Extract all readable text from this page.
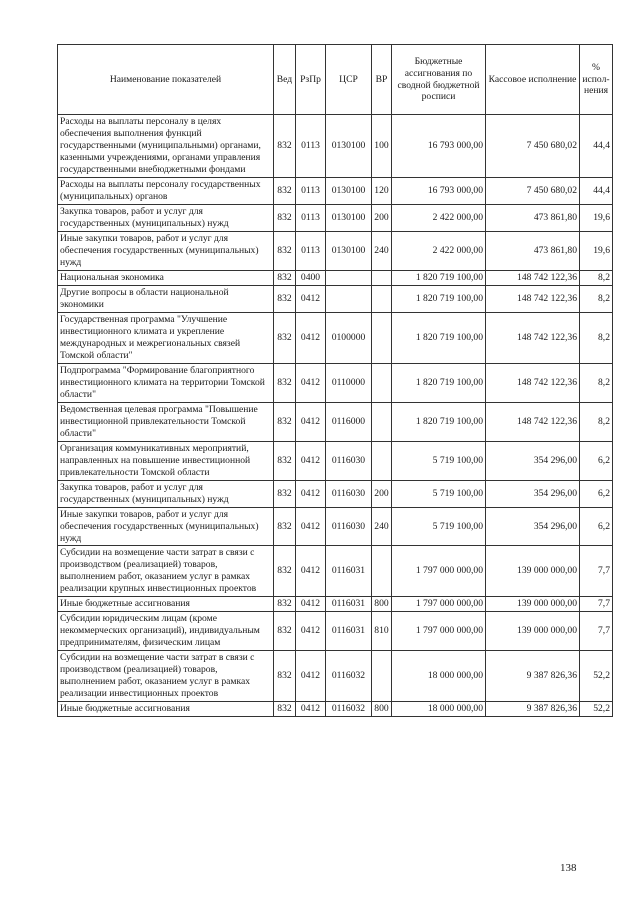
Наименование показателей	Вед	РзПр	ЦСР	ВР	Бюджетные ассигнования по сводной бюджетной росписи	Кассовое исполнение	% испол- нения
Расходы на выплаты персоналу в целях обеспечения выполнения функций государственными (муниципальными) органами, казенными учреждениями, органами управления государственными внебюджетными фондами	832	0113	0130100	100	16 793 000,00	7 450 680,02	44,4
Расходы на выплаты персоналу государственных (муниципальных) органов	832	0113	0130100	120	16 793 000,00	7 450 680,02	44,4
Закупка товаров, работ и услуг для государственных (муниципальных) нужд	832	0113	0130100	200	2 422 000,00	473 861,80	19,6
Иные закупки товаров, работ и услуг для обеспечения государственных (муниципальных) нужд	832	0113	0130100	240	2 422 000,00	473 861,80	19,6
Национальная экономика	832	0400			1 820 719 100,00	148 742 122,36	8,2
Другие вопросы в области национальной экономики	832	0412			1 820 719 100,00	148 742 122,36	8,2
Государственная программа "Улучшение инвестиционного климата и укрепление международных и межрегиональных связей Томской области"	832	0412	0100000		1 820 719 100,00	148 742 122,36	8,2
Подпрограмма "Формирование благоприятного инвестиционного климата на территории Томской области"	832	0412	0110000		1 820 719 100,00	148 742 122,36	8,2
Ведомственная целевая программа "Повышение инвестиционной привлекательности Томской области"	832	0412	0116000		1 820 719 100,00	148 742 122,36	8,2
Организация коммуникативных мероприятий, направленных на повышение инвестиционной привлекательности Томской области	832	0412	0116030		5 719 100,00	354 296,00	6,2
Закупка товаров, работ и услуг для государственных (муниципальных) нужд	832	0412	0116030	200	5 719 100,00	354 296,00	6,2
Иные закупки товаров, работ и услуг для обеспечения государственных (муниципальных) нужд	832	0412	0116030	240	5 719 100,00	354 296,00	6,2
Субсидии на возмещение части затрат в связи с производством (реализацией) товаров, выполнением работ, оказанием услуг в рамках реализации крупных инвестиционных проектов	832	0412	0116031		1 797 000 000,00	139 000 000,00	7,7
Иные бюджетные ассигнования	832	0412	0116031	800	1 797 000 000,00	139 000 000,00	7,7
Субсидии юридическим лицам (кроме некоммерческих организаций), индивидуальным предпринимателям, физическим лицам	832	0412	0116031	810	1 797 000 000,00	139 000 000,00	7,7
Субсидии на возмещение части затрат в связи с производством (реализацией) товаров, выполнением работ, оказанием услуг в рамках реализации инвестиционных проектов	832	0412	0116032		18 000 000,00	9 387 826,36	52,2
Иные бюджетные ассигнования	832	0412	0116032	800	18 000 000,00	9 387 826,36	52,2
138
